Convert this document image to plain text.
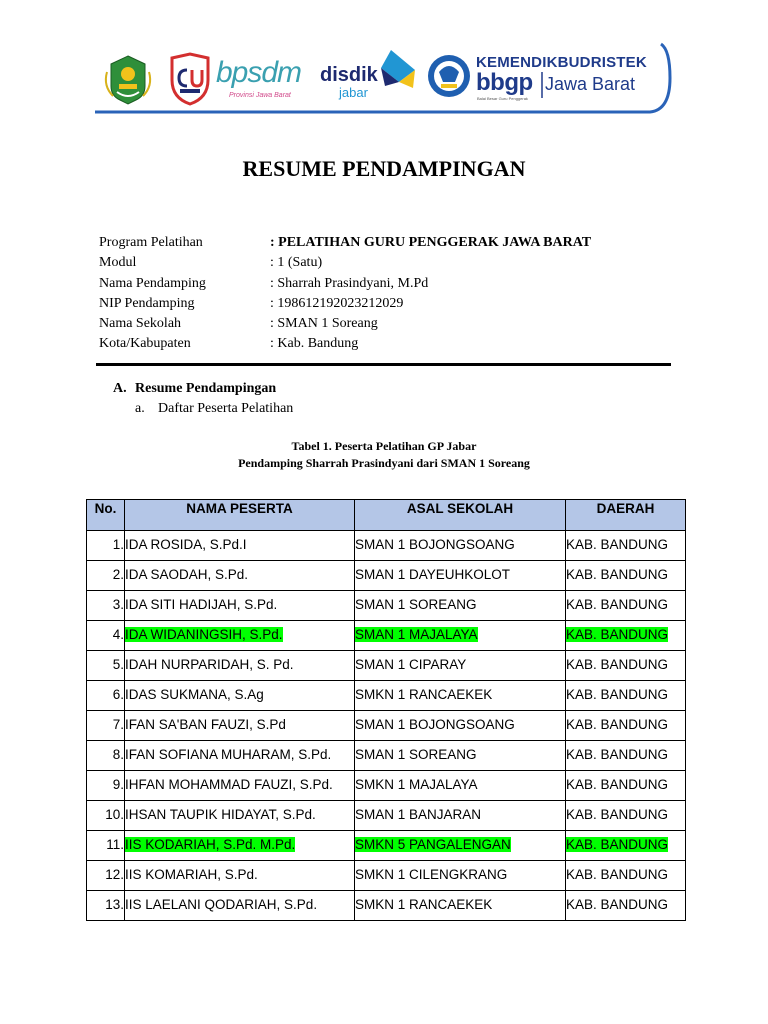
bpsdm
Provinsi Jawa Barat
disdik
jabar
KEMENDIKBUDRISTEK
bbgp Jawa Barat
Balai Besar Guru Penggerak
RESUME PENDAMPINGAN
Program Pelatihan	: PELATIHAN GURU PENGGERAK JAWA BARAT
Modul	: 1 (Satu)
Nama Pendamping	: Sharrah Prasindyani, M.Pd
NIP Pendamping	: 198612192023212029
Nama Sekolah	: SMAN 1 Soreang
Kota/Kabupaten	: Kab. Bandung
A. Resume Pendampingan
a. Daftar Peserta Pelatihan
Tabel 1. Peserta Pelatihan GP Jabar
Pendamping Sharrah Prasindyani dari SMAN 1 Soreang
No.	NAMA PESERTA	ASAL SEKOLAH	DAERAH
1.	IDA ROSIDA, S.Pd.I	SMAN 1 BOJONGSOANG	KAB. BANDUNG
2.	IDA SAODAH, S.Pd.	SMAN 1 DAYEUHKOLOT	KAB. BANDUNG
3.	IDA SITI HADIJAH, S.Pd.	SMAN 1 SOREANG	KAB. BANDUNG
4.	IDA WIDANINGSIH, S.Pd.	SMAN 1 MAJALAYA	KAB. BANDUNG
5.	IDAH NURPARIDAH, S. Pd.	SMAN 1 CIPARAY	KAB. BANDUNG
6.	IDAS SUKMANA, S.Ag	SMKN 1 RANCAEKEK	KAB. BANDUNG
7.	IFAN SA'BAN FAUZI, S.Pd	SMAN 1 BOJONGSOANG	KAB. BANDUNG
8.	IFAN SOFIANA MUHARAM, S.Pd.	SMAN 1 SOREANG	KAB. BANDUNG
9.	IHFAN MOHAMMAD FAUZI, S.Pd.	SMKN 1 MAJALAYA	KAB. BANDUNG
10.	IHSAN TAUPIK HIDAYAT, S.Pd.	SMAN 1 BANJARAN	KAB. BANDUNG
11.	IIS KODARIAH, S.Pd. M.Pd.	SMKN 5 PANGALENGAN	KAB. BANDUNG
12.	IIS KOMARIAH, S.Pd.	SMKN 1 CILENGKRANG	KAB. BANDUNG
13.	IIS LAELANI QODARIAH, S.Pd.	SMKN 1 RANCAEKEK	KAB. BANDUNG
